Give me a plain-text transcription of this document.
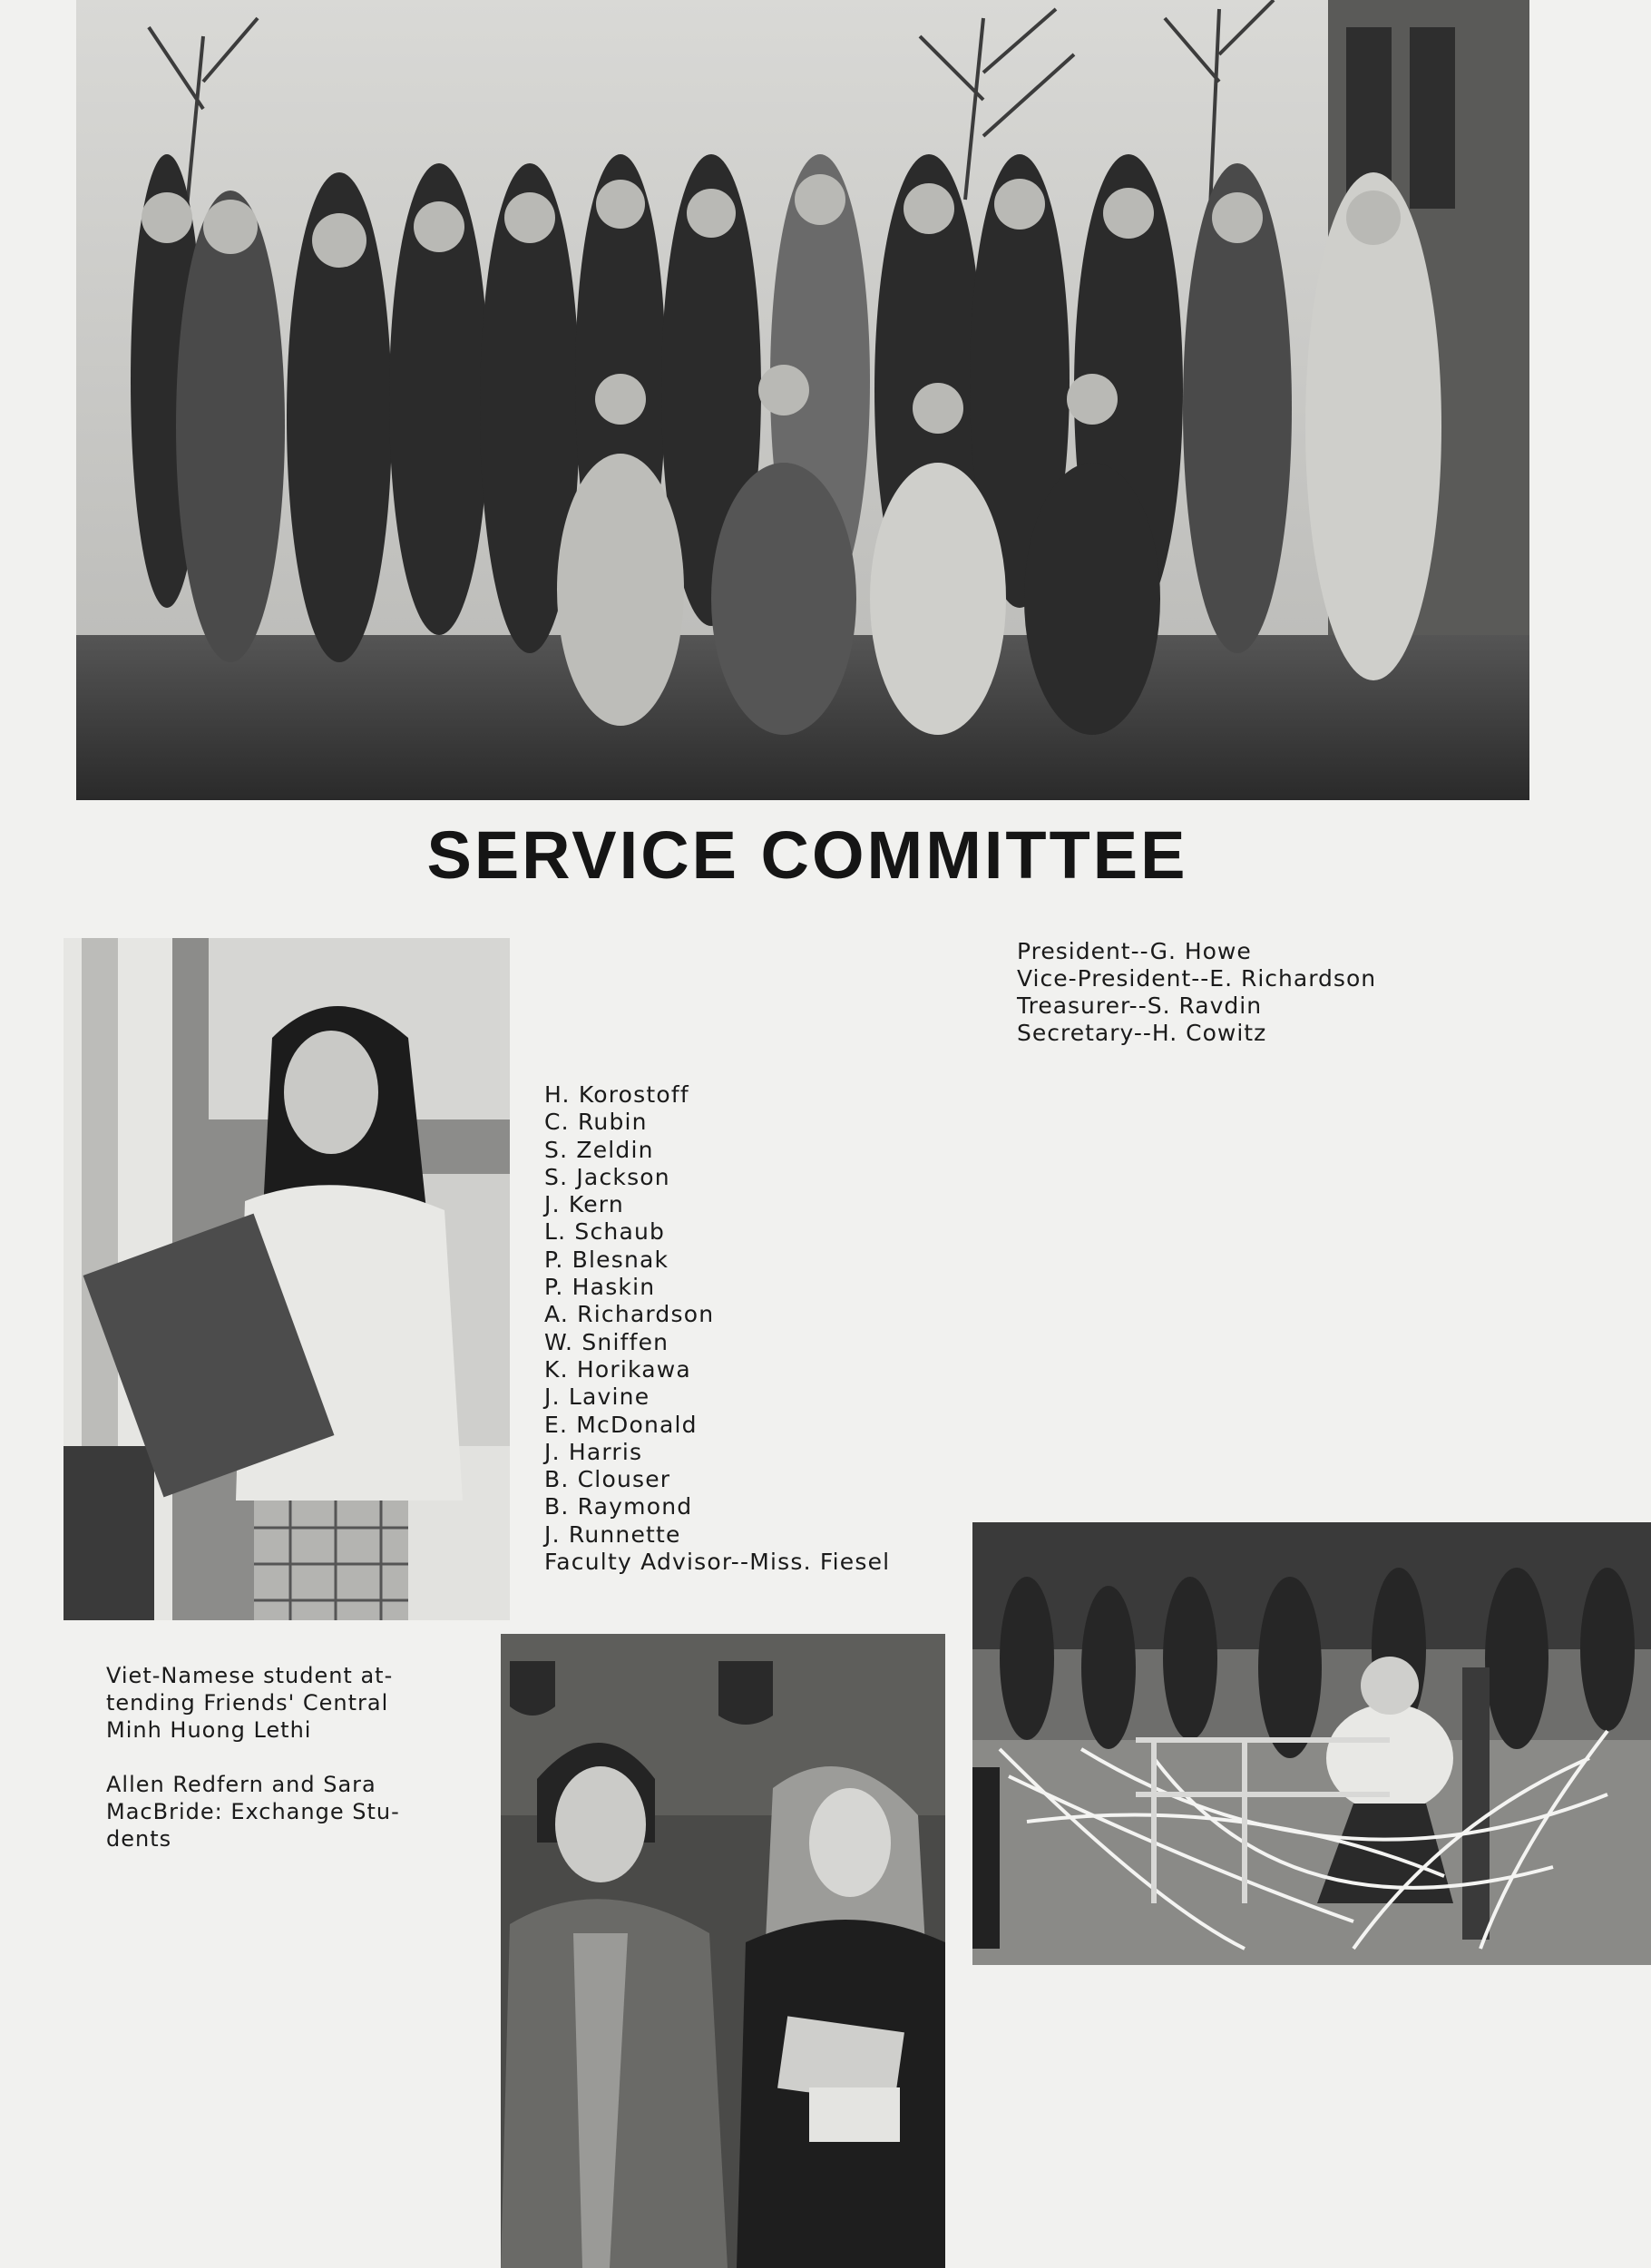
SERVICE COMMITTEE
President--G. Howe
Vice-President--E. Richardson
Treasurer--S. Ravdin
Secretary--H. Cowitz
H. Korostoff
C. Rubin
S. Zeldin
S. Jackson
J. Kern
L. Schaub
P. Blesnak
P. Haskin
A. Richardson
W. Sniffen
K. Horikawa
J. Lavine
E. McDonald
J. Harris
B. Clouser
B. Raymond
J. Runnette
Faculty Advisor--Miss. Fiesel
Viet-Namese student at-
tending Friends' Central
Minh Huong Lethi
Allen Redfern and Sara
MacBride: Exchange Stu-
dents
